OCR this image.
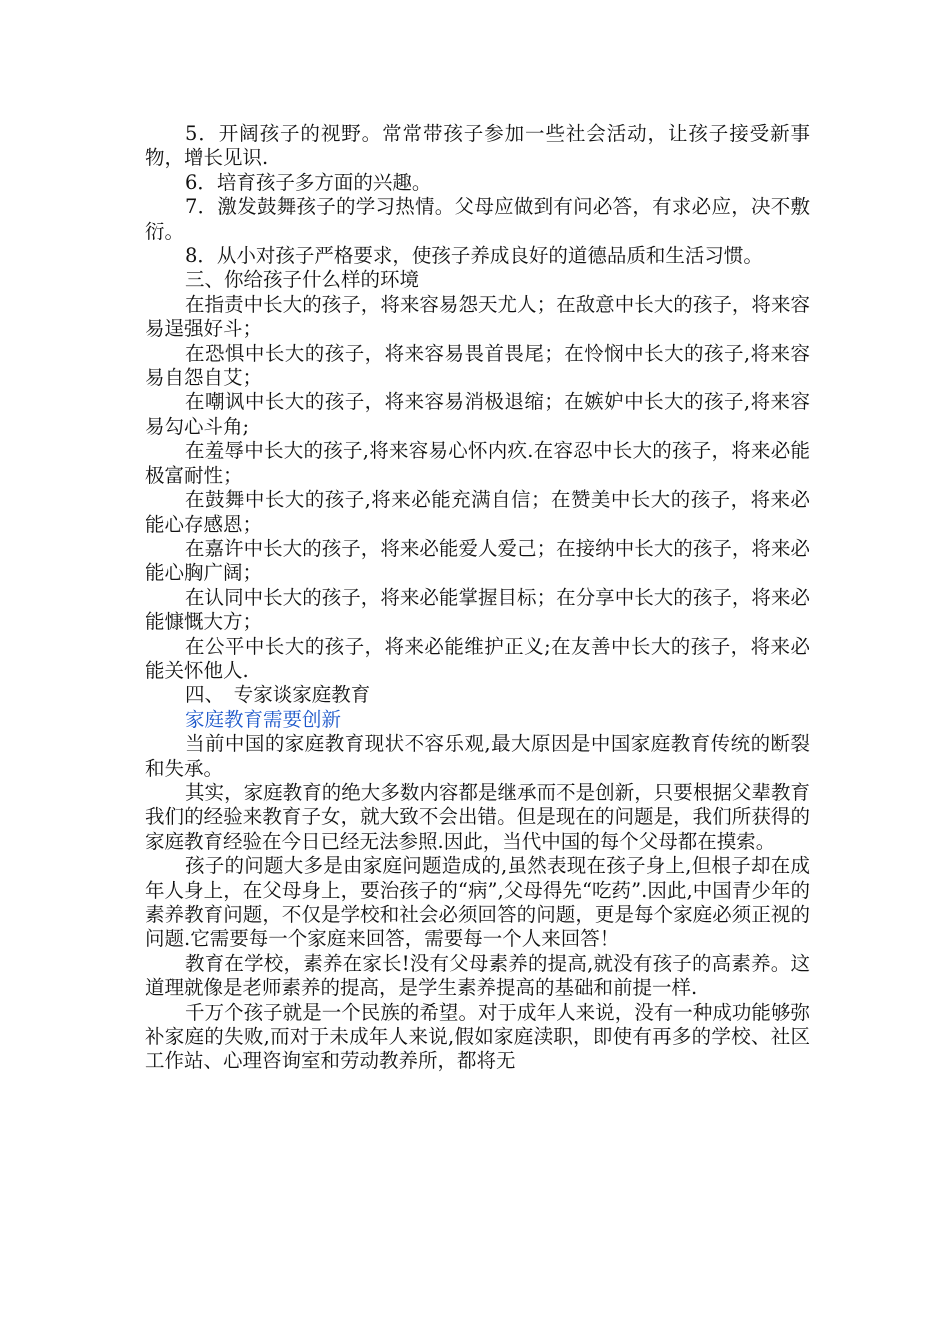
5．开阔孩子的视野。常常带孩子参加一些社会活动，让孩子接受新事物，增长见识.

6．培育孩子多方面的兴趣。

7．激发鼓舞孩子的学习热情。父母应做到有问必答，有求必应，决不敷衍。

8．从小对孩子严格要求，使孩子养成良好的道德品质和生活习惯。

三、你给孩子什么样的环境

在指责中长大的孩子，将来容易怨天尤人；在敌意中长大的孩子，将来容易逞强好斗；

在恐惧中长大的孩子，将来容易畏首畏尾；在怜悯中长大的孩子,将来容易自怨自艾；

在嘲讽中长大的孩子，将来容易消极退缩；在嫉妒中长大的孩子,将来容易勾心斗角;

在羞辱中长大的孩子,将来容易心怀内疚.在容忍中长大的孩子，将来必能极富耐性；

在鼓舞中长大的孩子,将来必能充满自信；在赞美中长大的孩子，将来必能心存感恩；

在嘉许中长大的孩子，将来必能爱人爱己；在接纳中长大的孩子，将来必能心胸广阔；

在认同中长大的孩子，将来必能掌握目标；在分享中长大的孩子，将来必能慷慨大方；

在公平中长大的孩子，将来必能维护正义;在友善中长大的孩子，将来必能关怀他人.

四、　专家谈家庭教育

家庭教育需要创新

当前中国的家庭教育现状不容乐观,最大原因是中国家庭教育传统的断裂和失承。

其实，家庭教育的绝大多数内容都是继承而不是创新，只要根据父辈教育我们的经验来教育子女，就大致不会出错。但是现在的问题是，我们所获得的家庭教育经验在今日已经无法参照.因此，当代中国的每个父母都在摸索。

孩子的问题大多是由家庭问题造成的,虽然表现在孩子身上,但根子却在成年人身上，在父母身上，要治孩子的“病”,父母得先“吃药”.因此,中国青少年的素养教育问题，不仅是学校和社会必须回答的问题，更是每个家庭必须正视的问题.它需要每一个家庭来回答，需要每一个人来回答！

教育在学校，素养在家长!没有父母素养的提高,就没有孩子的高素养。这道理就像是老师素养的提高，是学生素养提高的基础和前提一样.

千万个孩子就是一个民族的希望。对于成年人来说，没有一种成功能够弥补家庭的失败,而对于未成年人来说,假如家庭渎职，即使有再多的学校、社区工作站、心理咨询室和劳动教养所，都将无
